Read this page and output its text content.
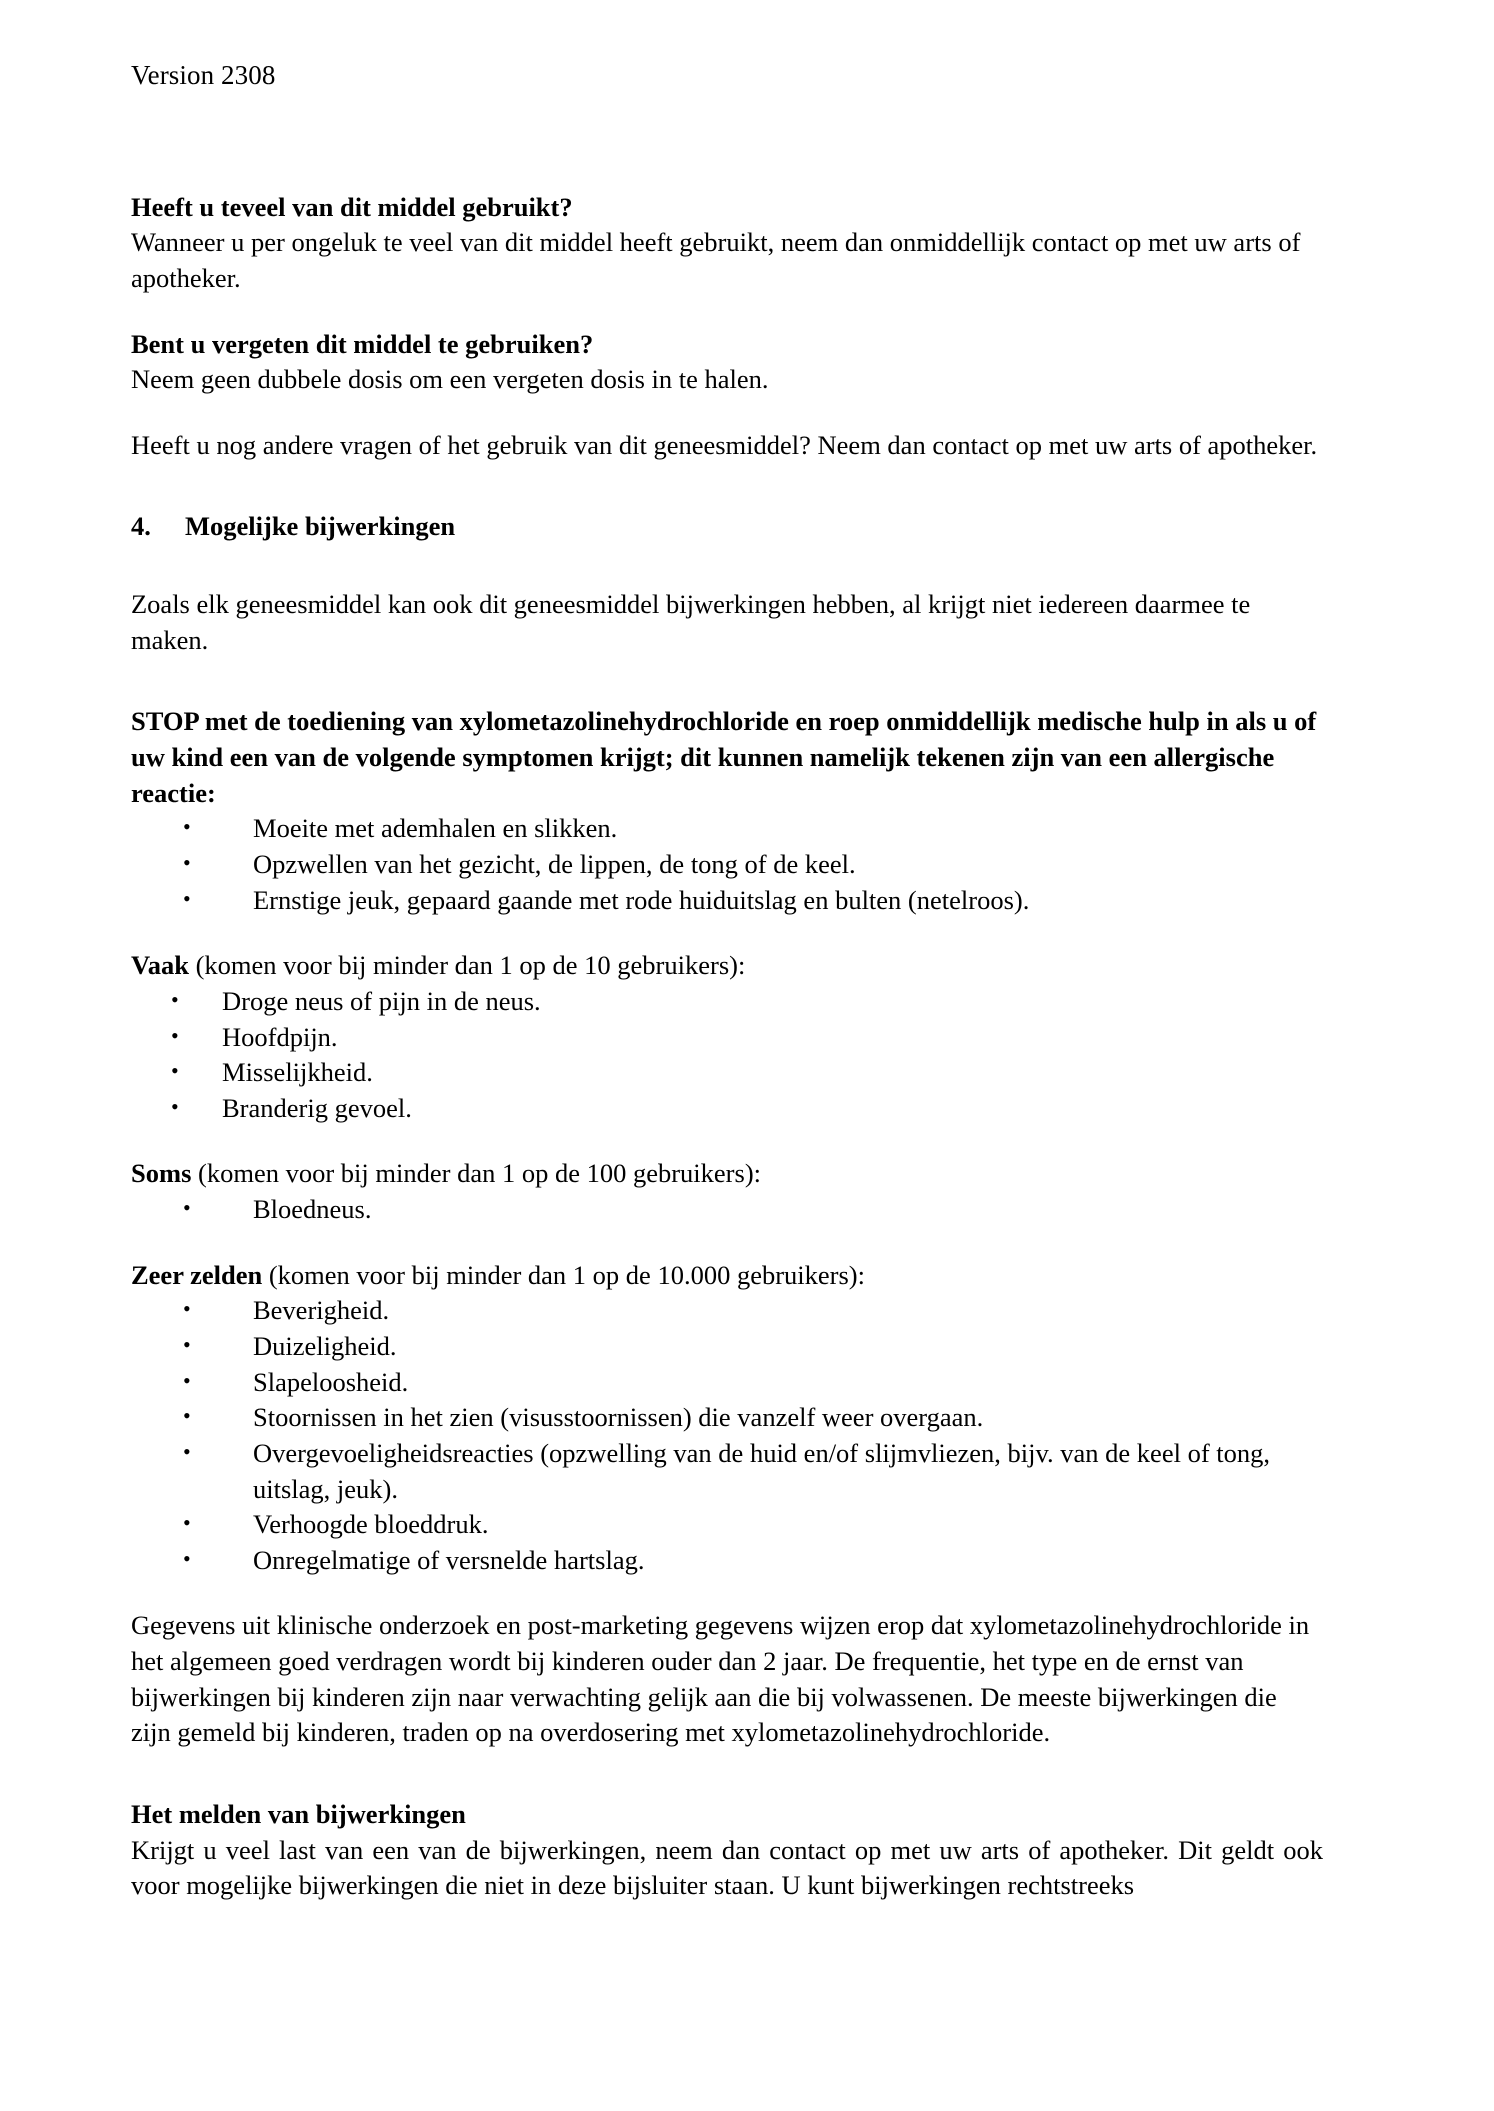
Version 2308

Heeft u teveel van dit middel gebruikt?

Wanneer u per ongeluk te veel van dit middel heeft gebruikt, neem dan onmiddellijk contact op met uw arts of apotheker.

Bent u vergeten dit middel te gebruiken?

Neem geen dubbele dosis om een vergeten dosis in te halen.

Heeft u nog andere vragen of het gebruik van dit geneesmiddel? Neem dan contact op met uw arts of apotheker.

4.	Mogelijke bijwerkingen

Zoals elk geneesmiddel kan ook dit geneesmiddel bijwerkingen hebben, al krijgt niet iedereen daarmee te maken.

STOP met de toediening van xylometazolinehydrochloride en roep onmiddellijk medische hulp in als u of uw kind een van de volgende symptomen krijgt; dit kunnen namelijk tekenen zijn van een allergische reactie:

• Moeite met ademhalen en slikken.
• Opzwellen van het gezicht, de lippen, de tong of de keel.
• Ernstige jeuk, gepaard gaande met rode huiduitslag en bulten (netelroos).

Vaak (komen voor bij minder dan 1 op de 10 gebruikers):

• Droge neus of pijn in de neus.
• Hoofdpijn.
• Misselijkheid.
• Branderig gevoel.

Soms (komen voor bij minder dan 1 op de 100 gebruikers):

• Bloedneus.

Zeer zelden (komen voor bij minder dan 1 op de 10.000 gebruikers):

• Beverigheid.
• Duizeligheid.
• Slapeloosheid.
• Stoornissen in het zien (visusstoornissen) die vanzelf weer overgaan.
• Overgevoeligheidsreacties (opzwelling van de huid en/of slijmvliezen, bijv. van de keel of tong, uitslag, jeuk).
• Verhoogde bloeddruk.
• Onregelmatige of versnelde hartslag.

Gegevens uit klinische onderzoek en post-marketing gegevens wijzen erop dat xylometazolinehydrochloride in het algemeen goed verdragen wordt bij kinderen ouder dan 2 jaar. De frequentie, het type en de ernst van bijwerkingen bij kinderen zijn naar verwachting gelijk aan die bij volwassenen. De meeste bijwerkingen die zijn gemeld bij kinderen, traden op na overdosering met xylometazolinehydrochloride.

Het melden van bijwerkingen

Krijgt u veel last van een van de bijwerkingen, neem dan contact op met uw arts of apotheker. Dit geldt ook voor mogelijke bijwerkingen die niet in deze bijsluiter staan. U kunt bijwerkingen rechtstreeks
